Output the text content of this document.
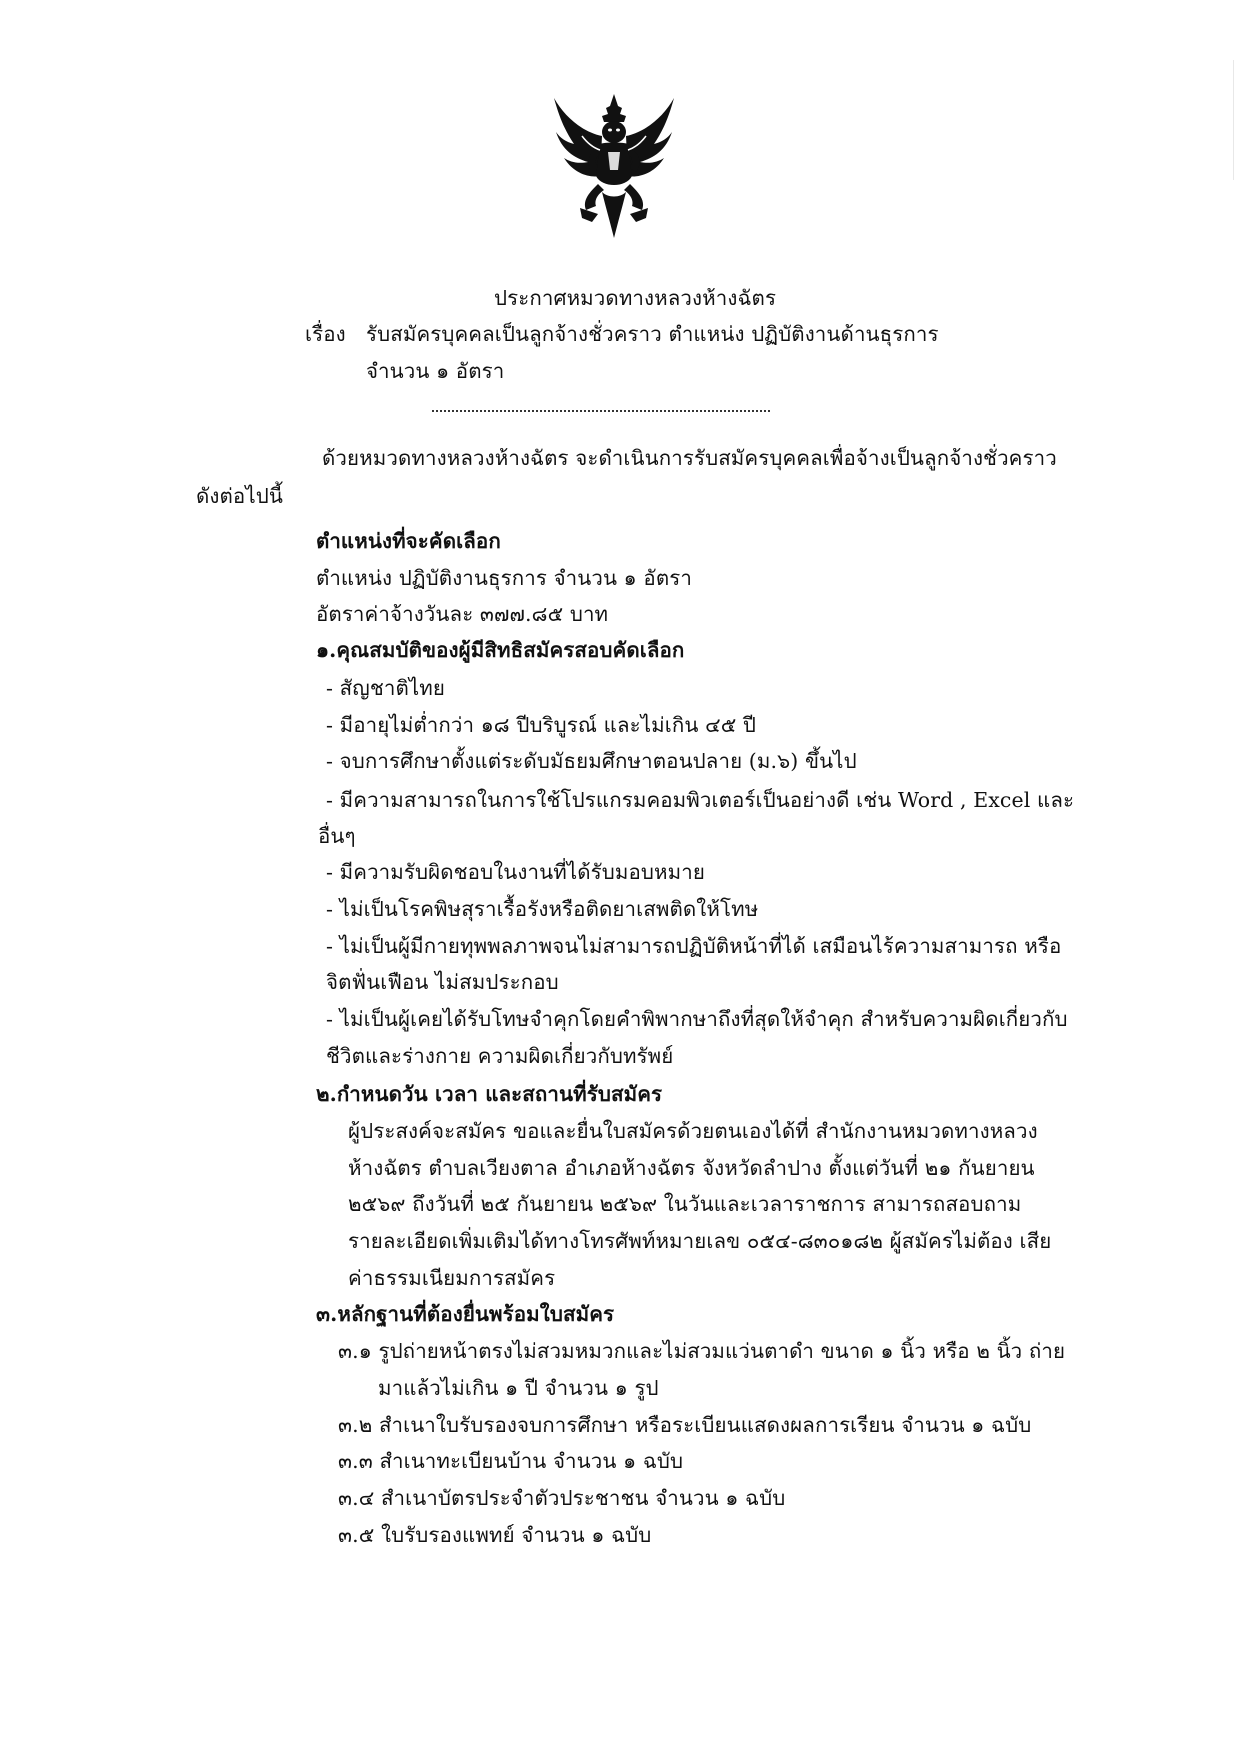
ประกาศหมวดทางหลวงห้างฉัตร
เรื่อง รับสมัครบุคคลเป็นลูกจ้างชั่วคราว ตำแหน่ง ปฏิบัติงานด้านธุรการ
จำนวน ๑ อัตรา
ด้วยหมวดทางหลวงห้างฉัตร จะดำเนินการรับสมัครบุคคลเพื่อจ้างเป็นลูกจ้างชั่วคราว
ดังต่อไปนี้
ตำแหน่งที่จะคัดเลือก
ตำแหน่ง ปฏิบัติงานธุรการ จำนวน ๑ อัตรา
อัตราค่าจ้างวันละ ๓๗๗.๘๕ บาท
๑.คุณสมบัติของผู้มีสิทธิสมัครสอบคัดเลือก
- สัญชาติไทย
- มีอายุไม่ต่ำกว่า ๑๘ ปีบริบูรณ์ และไม่เกิน ๔๕ ปี
- จบการศึกษาตั้งแต่ระดับมัธยมศึกษาตอนปลาย (ม.๖) ขึ้นไป
- มีความสามารถในการใช้โปรแกรมคอมพิวเตอร์เป็นอย่างดี เช่น Word , Excel และ
อื่นๆ
- มีความรับผิดชอบในงานที่ได้รับมอบหมาย
- ไม่เป็นโรคพิษสุราเรื้อรังหรือติดยาเสพติดให้โทษ
- ไม่เป็นผู้มีกายทุพพลภาพจนไม่สามารถปฏิบัติหน้าที่ได้ เสมือนไร้ความสามารถ หรือ
จิตฟั่นเฟือน ไม่สมประกอบ
- ไม่เป็นผู้เคยได้รับโทษจำคุกโดยคำพิพากษาถึงที่สุดให้จำคุก สำหรับความผิดเกี่ยวกับ
ชีวิตและร่างกาย ความผิดเกี่ยวกับทรัพย์
๒.กำหนดวัน เวลา และสถานที่รับสมัคร
ผู้ประสงค์จะสมัคร ขอและยื่นใบสมัครด้วยตนเองได้ที่ สำนักงานหมวดทางหลวง
ห้างฉัตร ตำบลเวียงตาล อำเภอห้างฉัตร จังหวัดลำปาง ตั้งแต่วันที่ ๒๑ กันยายน
๒๕๖๙ ถึงวันที่ ๒๕ กันยายน ๒๕๖๙ ในวันและเวลาราชการ สามารถสอบถาม
รายละเอียดเพิ่มเติมได้ทางโทรศัพท์หมายเลข ๐๕๔-๘๓๐๑๘๒ ผู้สมัครไม่ต้อง เสีย
ค่าธรรมเนียมการสมัคร
๓.หลักฐานที่ต้องยื่นพร้อมใบสมัคร
๓.๑ รูปถ่ายหน้าตรงไม่สวมหมวกและไม่สวมแว่นตาดำ ขนาด ๑ นิ้ว หรือ ๒ นิ้ว ถ่าย
มาแล้วไม่เกิน ๑ ปี จำนวน ๑ รูป
๓.๒ สำเนาใบรับรองจบการศึกษา หรือระเบียนแสดงผลการเรียน จำนวน ๑ ฉบับ
๓.๓ สำเนาทะเบียนบ้าน จำนวน ๑ ฉบับ
๓.๔ สำเนาบัตรประจำตัวประชาชน จำนวน ๑ ฉบับ
๓.๕ ใบรับรองแพทย์ จำนวน ๑ ฉบับ
